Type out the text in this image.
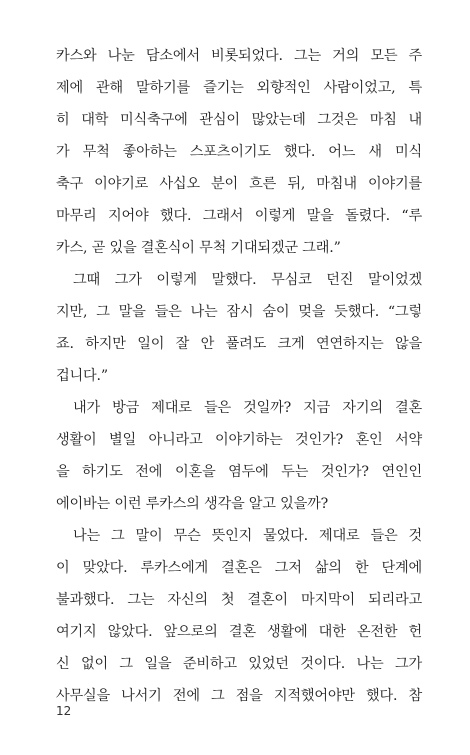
카스와 나눈 담소에서 비롯되었다. 그는 거의 모든 주
제에 관해 말하기를 즐기는 외향적인 사람이었고, 특
히 대학 미식축구에 관심이 많았는데 그것은 마침 내
가 무척 좋아하는 스포츠이기도 했다. 어느 새 미식
축구 이야기로 사십오 분이 흐른 뒤, 마침내 이야기를
마무리 지어야 했다. 그래서 이렇게 말을 돌렸다. “루
카스, 곧 있을 결혼식이 무척 기대되겠군 그래.”
그때 그가 이렇게 말했다. 무심코 던진 말이었겠
지만, 그 말을 들은 나는 잠시 숨이 멎을 듯했다. “그렇
죠. 하지만 일이 잘 안 풀려도 크게 연연하지는 않을
겁니다.”
내가 방금 제대로 들은 것일까? 지금 자기의 결혼
생활이 별일 아니라고 이야기하는 것인가? 혼인 서약
을 하기도 전에 이혼을 염두에 두는 것인가? 연인인
에이바는 이런 루카스의 생각을 알고 있을까?
나는 그 말이 무슨 뜻인지 물었다. 제대로 들은 것
이 맞았다. 루카스에게 결혼은 그저 삶의 한 단계에
불과했다. 그는 자신의 첫 결혼이 마지막이 되리라고
여기지 않았다. 앞으로의 결혼 생활에 대한 온전한 헌
신 없이 그 일을 준비하고 있었던 것이다. 나는 그가
사무실을 나서기 전에 그 점을 지적했어야만 했다. 참
12
